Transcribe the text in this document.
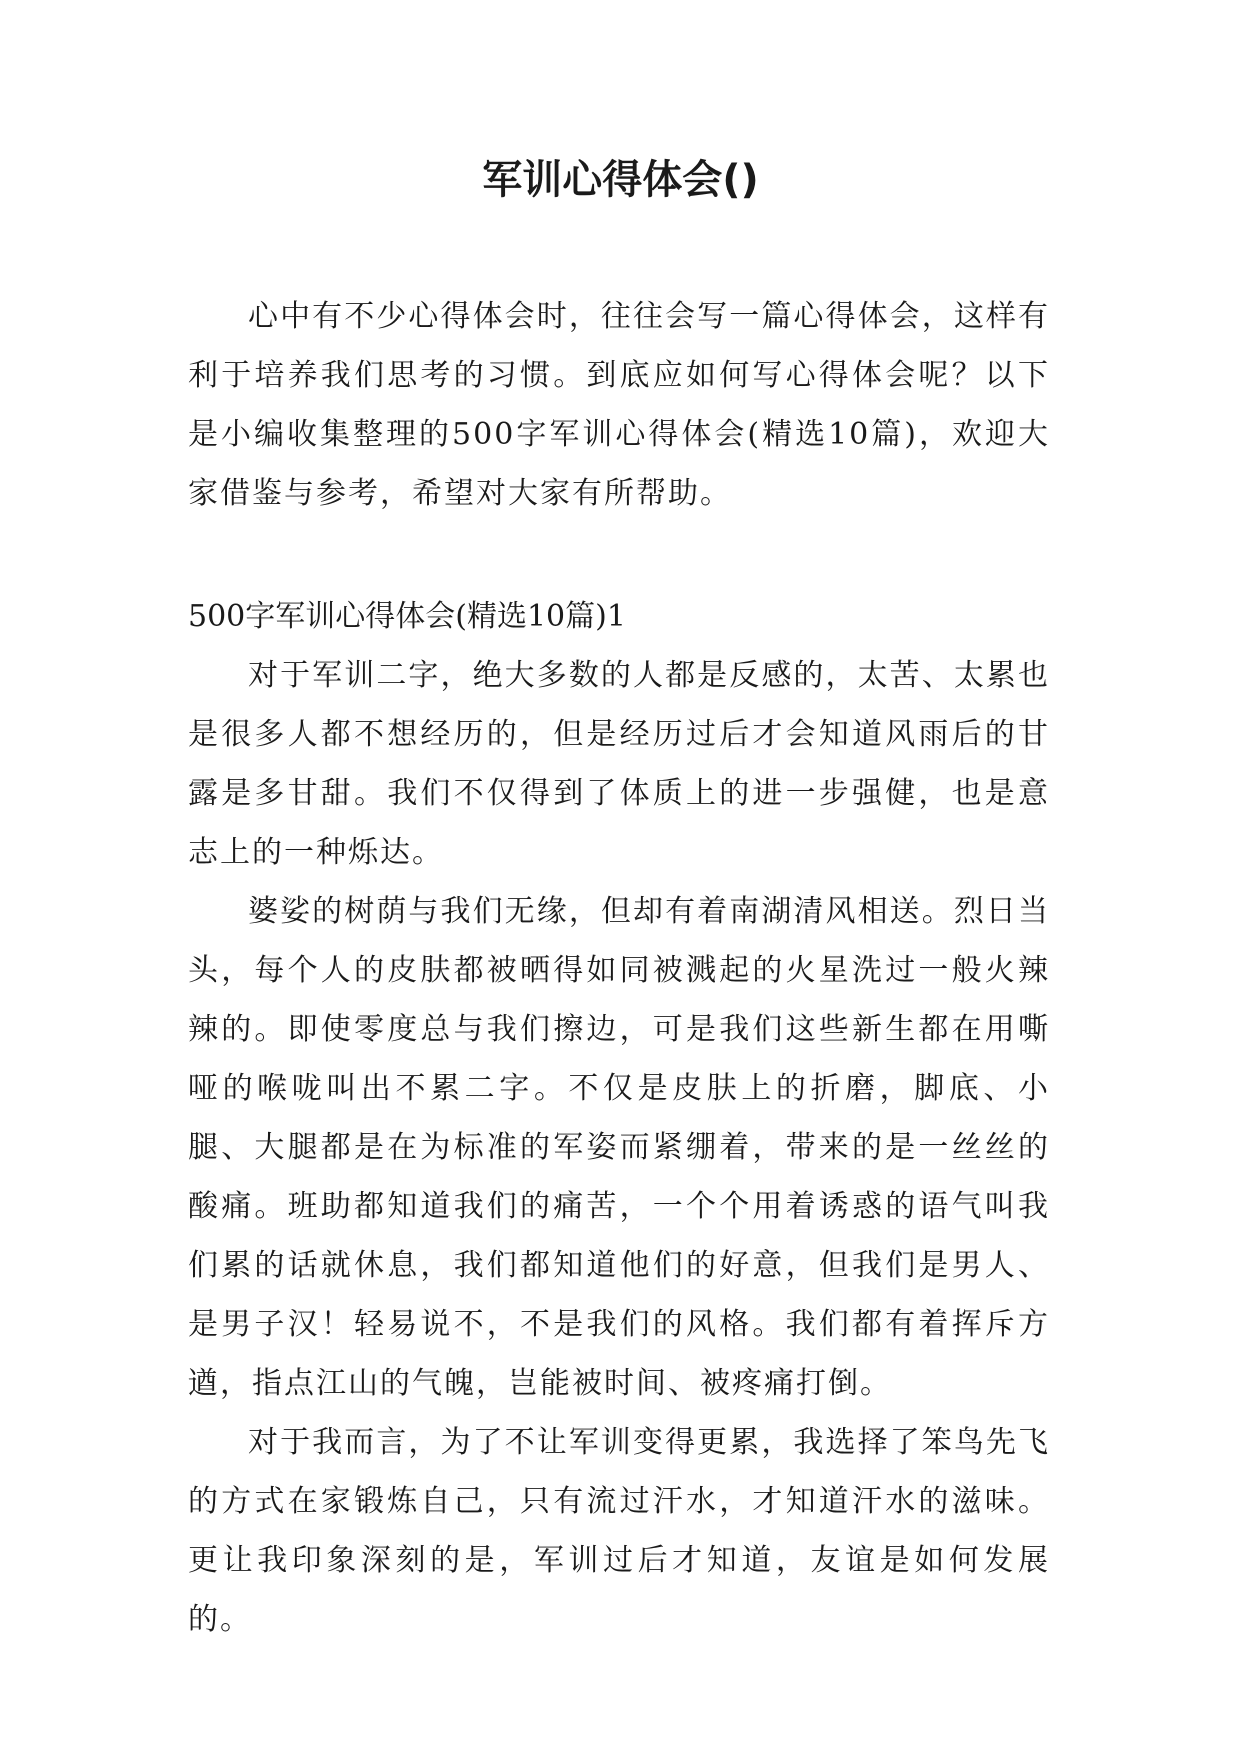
军训心得体会()

心中有不少心得体会时，往往会写一篇心得体会，这样有利于培养我们思考的习惯。到底应如何写心得体会呢？以下是小编收集整理的500字军训心得体会(精选10篇)，欢迎大家借鉴与参考，希望对大家有所帮助。

500字军训心得体会(精选10篇)1

对于军训二字，绝大多数的人都是反感的，太苦、太累也是很多人都不想经历的，但是经历过后才会知道风雨后的甘露是多甘甜。我们不仅得到了体质上的进一步强健，也是意志上的一种烁达。

婆娑的树荫与我们无缘，但却有着南湖清风相送。烈日当头，每个人的皮肤都被晒得如同被溅起的火星洗过一般火辣辣的。即使零度总与我们擦边，可是我们这些新生都在用嘶哑的喉咙叫出不累二字。不仅是皮肤上的折磨，脚底、小腿、大腿都是在为标准的军姿而紧绷着，带来的是一丝丝的酸痛。班助都知道我们的痛苦，一个个用着诱惑的语气叫我们累的话就休息，我们都知道他们的好意，但我们是男人、是男子汉！轻易说不，不是我们的风格。我们都有着挥斥方遒，指点江山的气魄，岂能被时间、被疼痛打倒。

对于我而言，为了不让军训变得更累，我选择了笨鸟先飞的方式在家锻炼自己，只有流过汗水，才知道汗水的滋味。更让我印象深刻的是，军训过后才知道，友谊是如何发展的。
